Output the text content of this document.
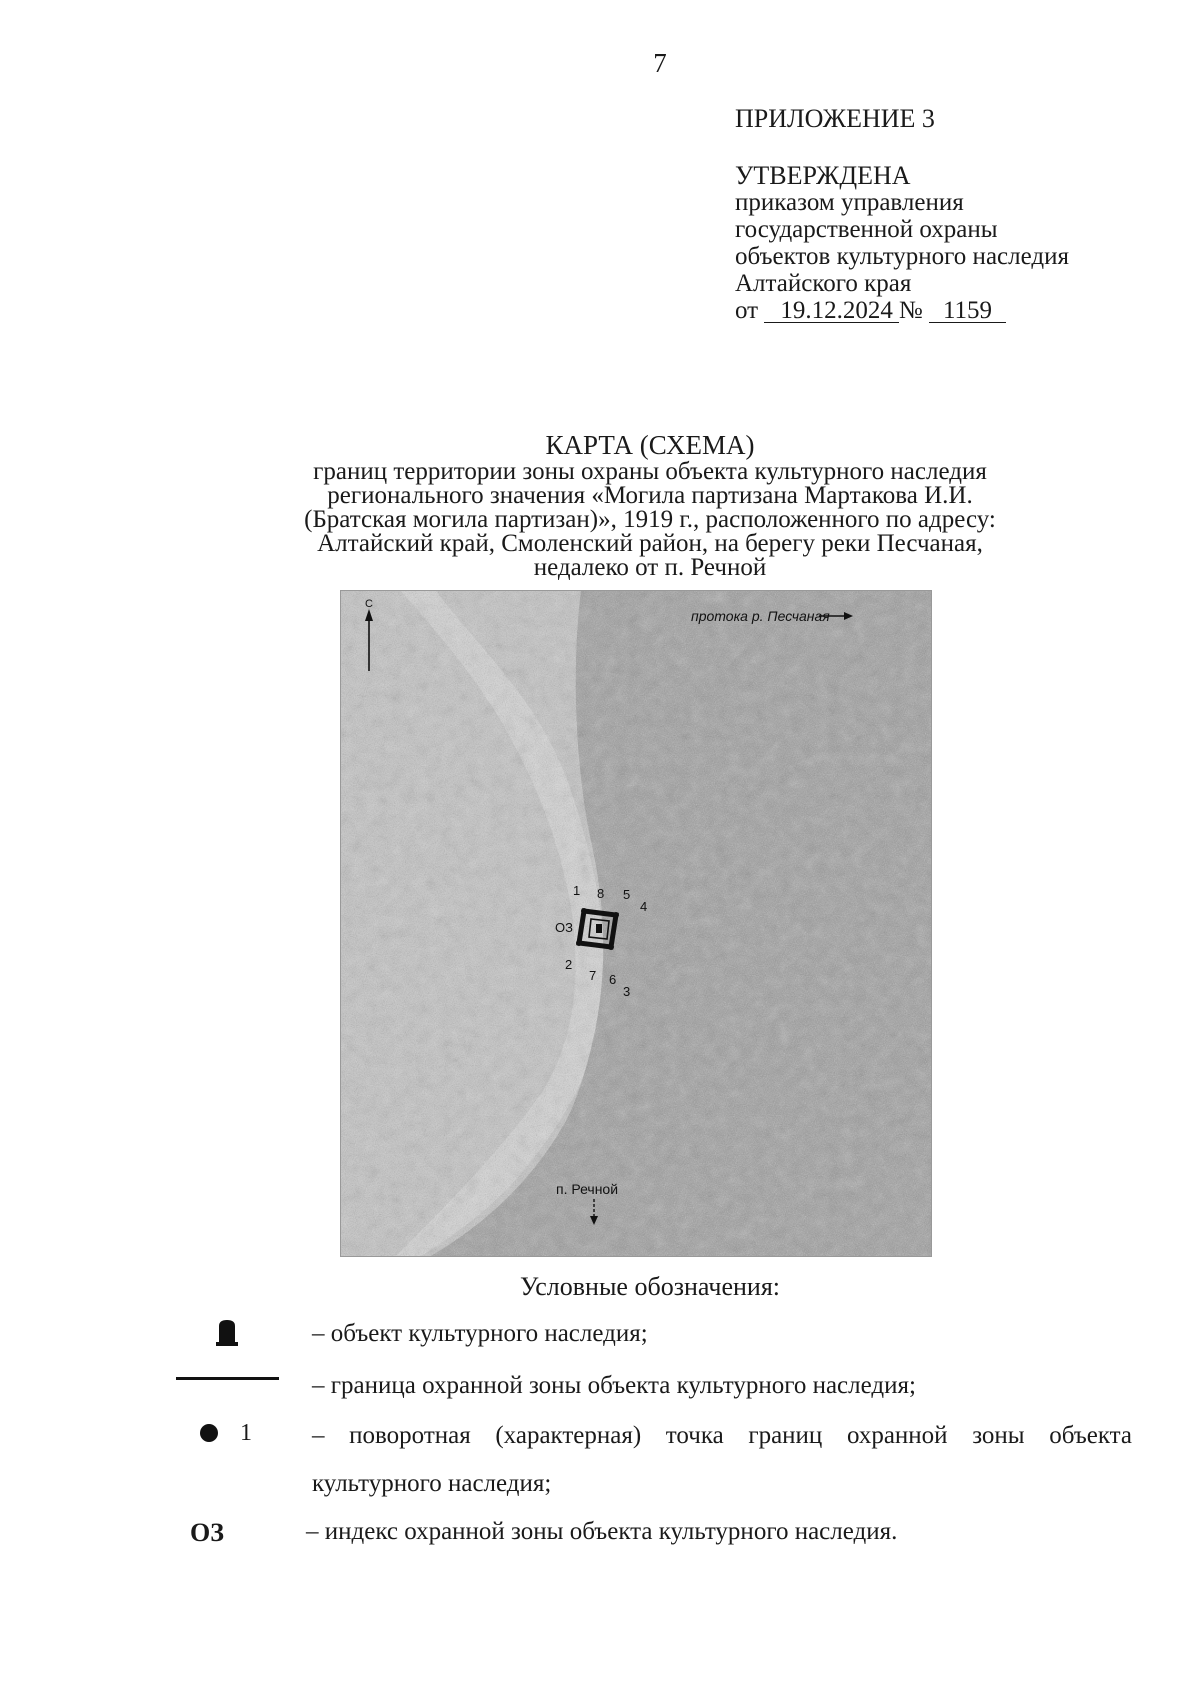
7
ПРИЛОЖЕНИЕ 3
УТВЕРЖДЕНА
приказом управления
государственной охраны
объектов культурного наследия
Алтайского края
от 19.12.2024 № 1159
КАРТА (СХЕМА)
границ территории зоны охраны объекта культурного наследия
регионального значения «Могила партизана Мартакова И.И.
(Братская могила партизан)», 1919 г., расположенного по адресу:
Алтайский край, Смоленский район, на берегу реки Песчаная,
недалеко от п. Речной
С
протока р. Песчаная
п. Речной
1
2
3
4
5
6
7
8
ОЗ
Условные обозначения:
– объект культурного наследия;
– граница охранной зоны объекта культурного наследия;
1 – поворотная (характерная) точка границ охранной зоны объекта
культурного наследия;
ОЗ	– индекс охранной зоны объекта культурного наследия.
